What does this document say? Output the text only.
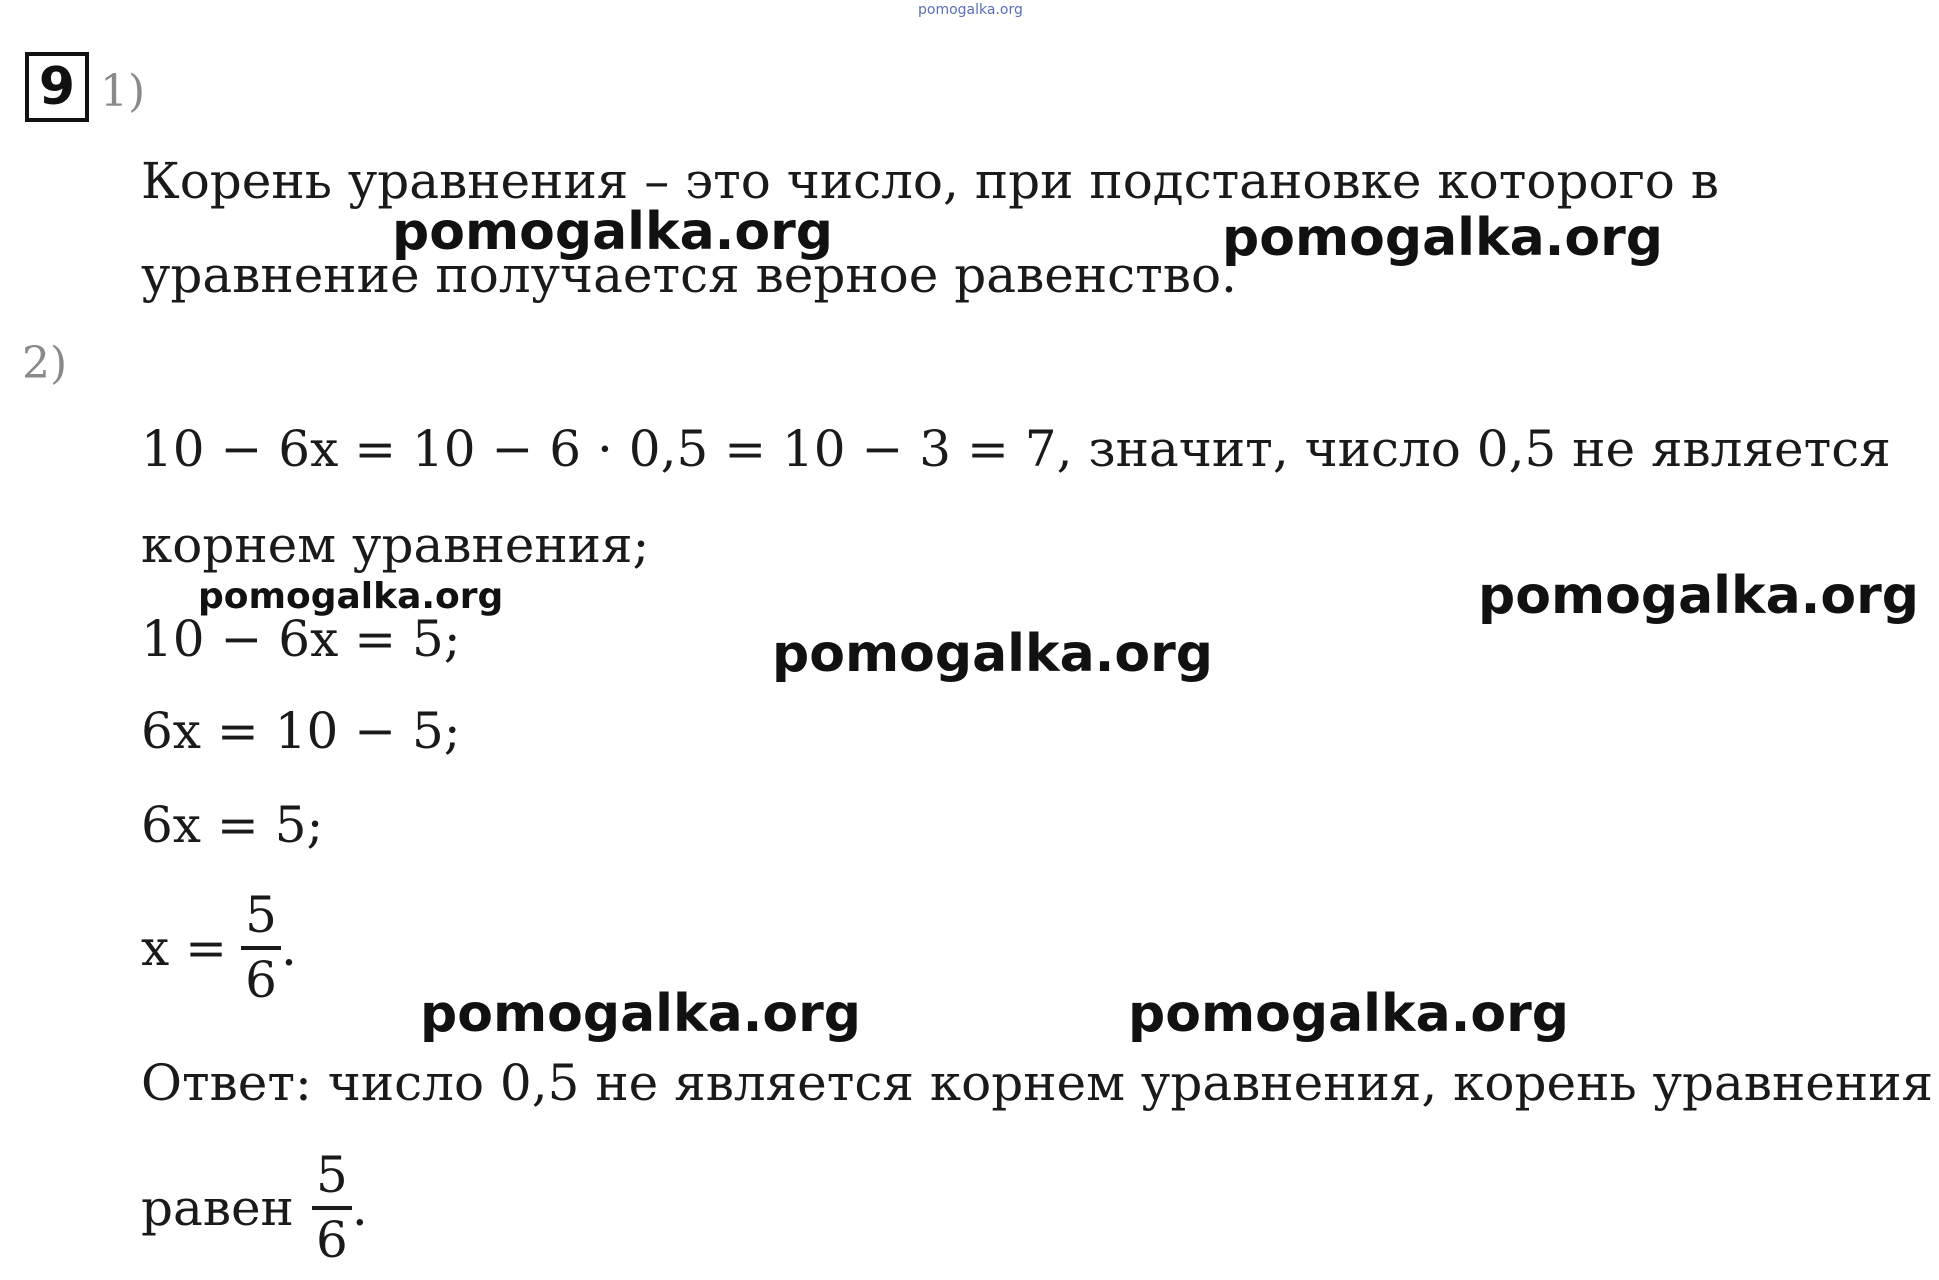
pomogalka.org
9 1)
Корень уравнения – это число, при подстановке которого в
уравнение получается верное равенство.
2)
10 − 6x = 10 − 6 · 0,5 = 10 − 3 = 7, значит, число 0,5 не является
корнем уравнения;
10 − 6x = 5;
6x = 10 − 5;
6x = 5;
$x = \frac{5}{6}$ .
Ответ: число 0,5 не является корнем уравнения, корень уравнения
равен $\frac{5}{6}$ .
pomogalka.org	pomogalka.org
pomogalka.org	pomogalka.org
pomogalka.org
pomogalka.org	pomogalka.org
